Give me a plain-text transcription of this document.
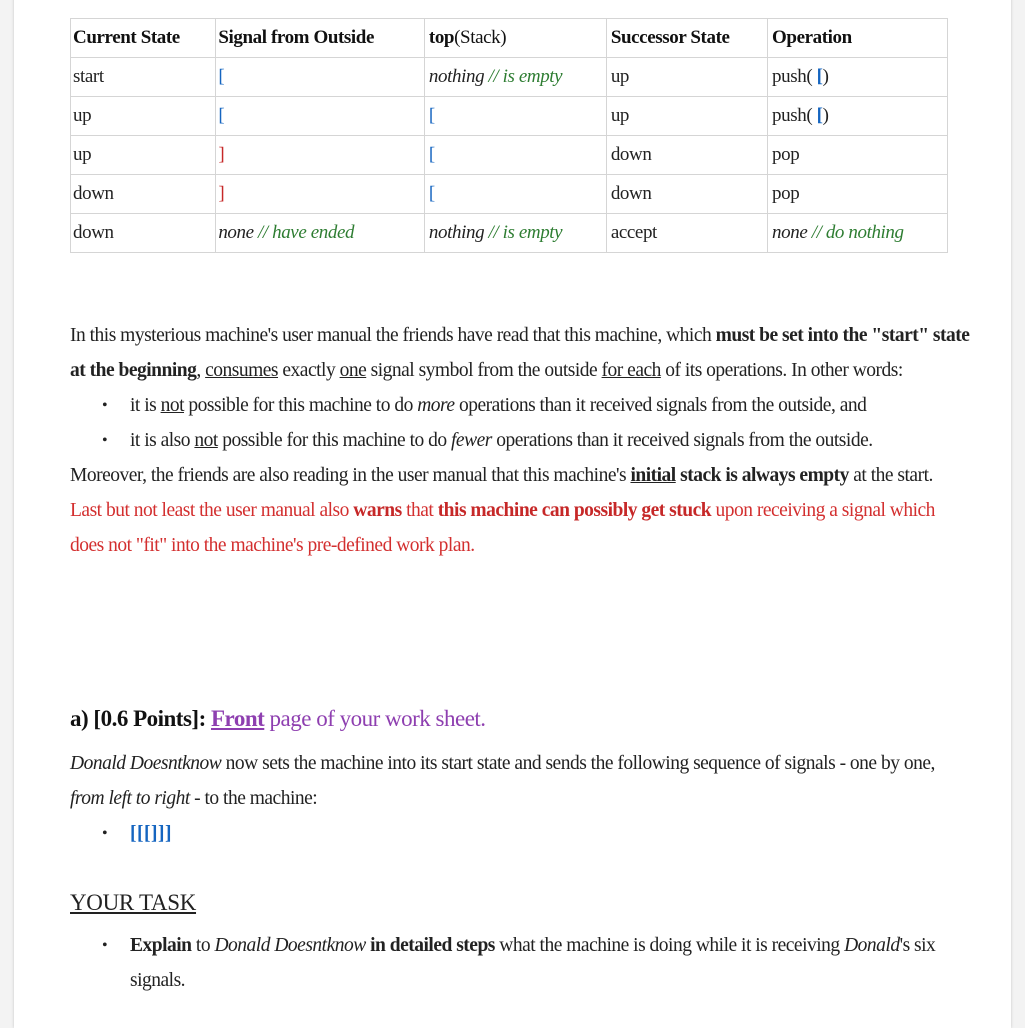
Current State	Signal from Outside	top(Stack)	Successor State	Operation
start	[	nothing // is empty	up	push( [)
up	[	[	up	push( [)
up	]	[	down	pop
down	]	[	down	pop
down	none // have ended	nothing // is empty	accept	none // do nothing

In this mysterious machine's user manual the friends have read that this machine, which must be set into the "start" state at the beginning, consumes exactly one signal symbol from the outside for each of its operations. In other words:

• it is not possible for this machine to do more operations than it received signals from the outside, and
• it is also not possible for this machine to do fewer operations than it received signals from the outside.

Moreover, the friends are also reading in the user manual that this machine's initial stack is always empty at the start.

Last but not least the user manual also warns that this machine can possibly get stuck upon receiving a signal which does not "fit" into the machine's pre-defined work plan.

a) [0.6 Points]: Front page of your work sheet.

Donald Doesntknow now sets the machine into its start state and sends the following sequence of signals - one by one, from left to right - to the machine:

• [[[]]]
YOUR TASK
• Explain to Donald Doesntknow in detailed steps what the machine is doing while it is receiving Donald's six signals.
